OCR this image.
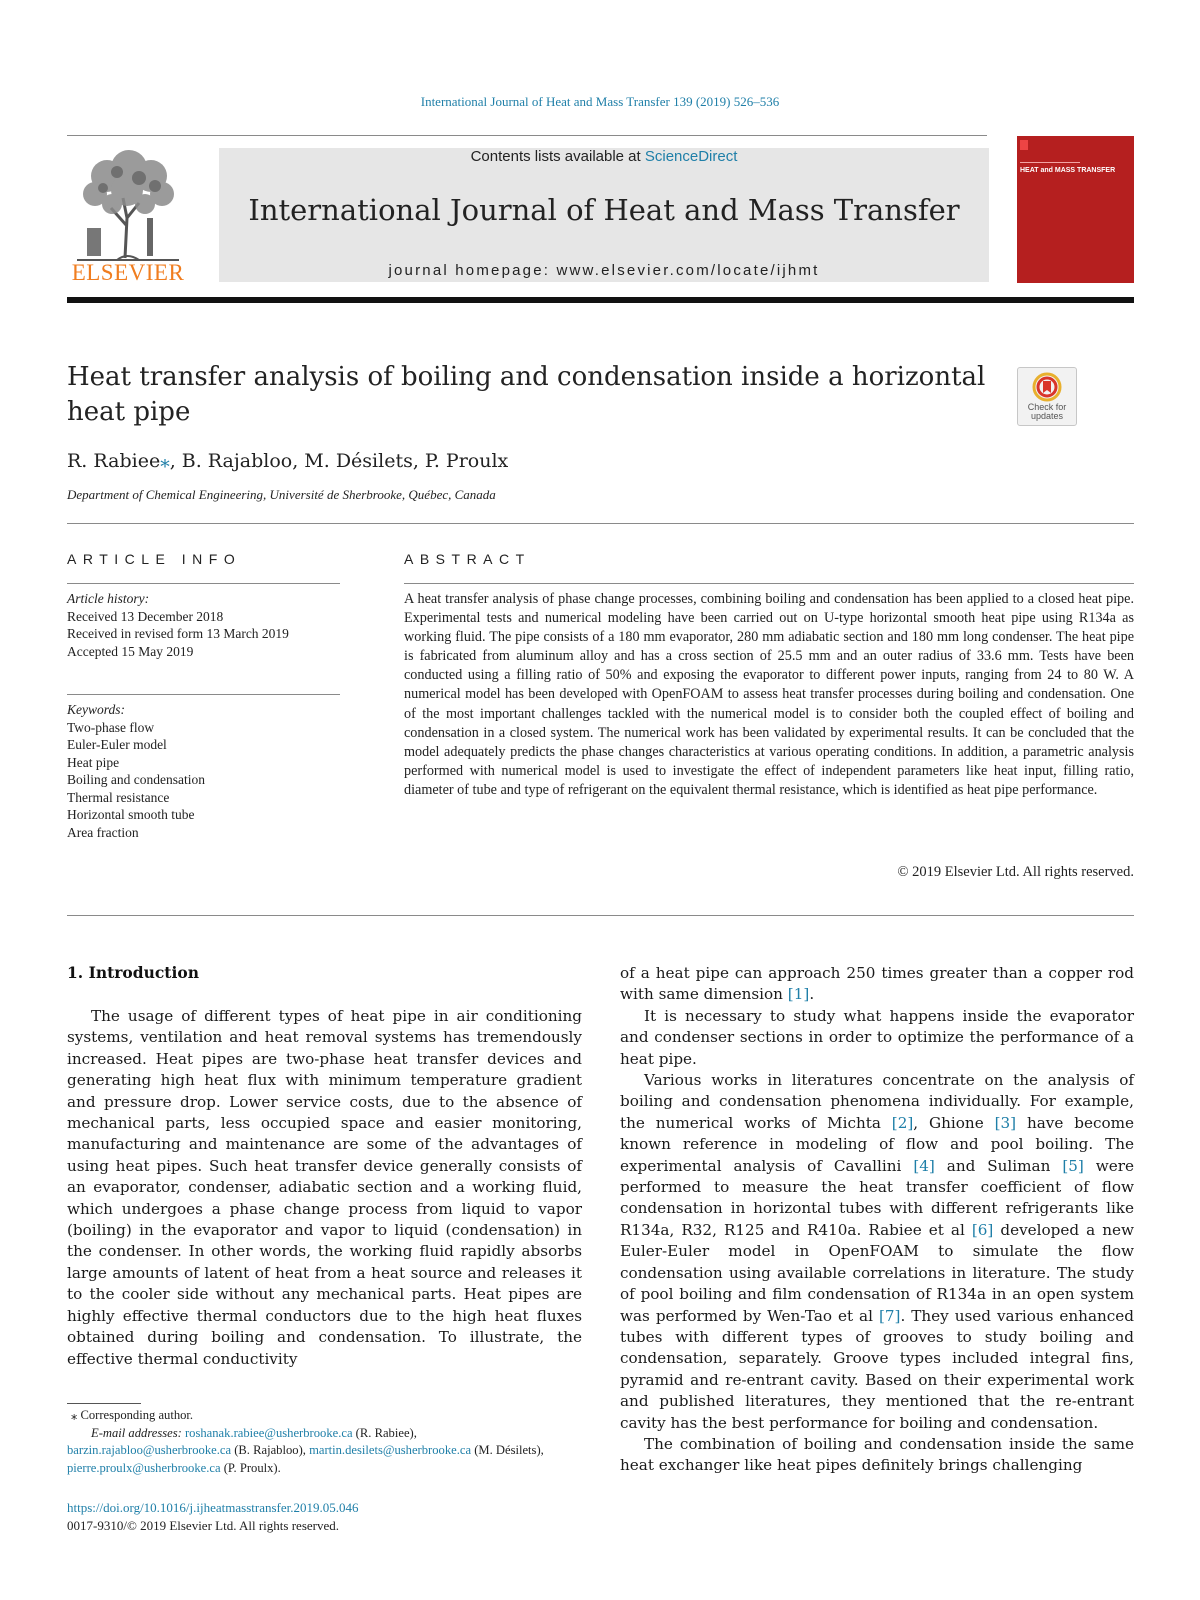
International Journal of Heat and Mass Transfer 139 (2019) 526–536
ELSEVIER
Contents lists available at ScienceDirect
International Journal of Heat and Mass Transfer
journal homepage: www.elsevier.com/locate/ijhmt
HEAT and MASS TRANSFER
Heat transfer analysis of boiling and condensation inside a horizontal heat pipe	Check for updates
R. Rabiee⁎, B. Rajabloo, M. Désilets, P. Proulx
Department of Chemical Engineering, Université de Sherbrooke, Québec, Canada
ARTICLE INFO	ABSTRACT
Article history:
Received 13 December 2018
Received in revised form 13 March 2019
Accepted 15 May 2019
Keywords:
Two-phase flow
Euler-Euler model
Heat pipe
Boiling and condensation
Thermal resistance
Horizontal smooth tube
Area fraction
A heat transfer analysis of phase change processes, combining boiling and condensation has been applied to a closed heat pipe. Experimental tests and numerical modeling have been carried out on U-type horizontal smooth heat pipe using R134a as working fluid. The pipe consists of a 180 mm evaporator, 280 mm adiabatic section and 180 mm long condenser. The heat pipe is fabricated from aluminum alloy and has a cross section of 25.5 mm and an outer radius of 33.6 mm. Tests have been conducted using a filling ratio of 50% and exposing the evaporator to different power inputs, ranging from 24 to 80 W. A numerical model has been developed with OpenFOAM to assess heat transfer processes during boiling and condensation. One of the most important challenges tackled with the numerical model is to consider both the coupled effect of boiling and condensation in a closed system. The numerical work has been validated by experimental results. It can be concluded that the model adequately predicts the phase changes characteristics at various operating conditions. In addition, a parametric analysis performed with numerical model is used to investigate the effect of independent parameters like heat input, filling ratio, diameter of tube and type of refrigerant on the equivalent thermal resistance, which is identified as heat pipe performance.
© 2019 Elsevier Ltd. All rights reserved.
1. Introduction

The usage of different types of heat pipe in air conditioning systems, ventilation and heat removal systems has tremendously increased. Heat pipes are two-phase heat transfer devices and generating high heat flux with minimum temperature gradient and pressure drop. Lower service costs, due to the absence of mechanical parts, less occupied space and easier monitoring, manufacturing and maintenance are some of the advantages of using heat pipes. Such heat transfer device generally consists of an evaporator, condenser, adiabatic section and a working fluid, which undergoes a phase change process from liquid to vapor (boiling) in the evaporator and vapor to liquid (condensation) in the condenser. In other words, the working fluid rapidly absorbs large amounts of latent of heat from a heat source and releases it to the cooler side without any mechanical parts. Heat pipes are highly effective thermal conductors due to the high heat fluxes obtained during boiling and condensation. To illustrate, the effective thermal conductivity

of a heat pipe can approach 250 times greater than a copper rod with same dimension [1].

It is necessary to study what happens inside the evaporator and condenser sections in order to optimize the performance of a heat pipe.

Various works in literatures concentrate on the analysis of boiling and condensation phenomena individually. For example, the numerical works of Michta [2], Ghione [3] have become known reference in modeling of flow and pool boiling. The experimental analysis of Cavallini [4] and Suliman [5] were performed to measure the heat transfer coefficient of flow condensation in horizontal tubes with different refrigerants like R134a, R32, R125 and R410a. Rabiee et al [6] developed a new Euler-Euler model in OpenFOAM to simulate the flow condensation using available correlations in literature. The study of pool boiling and film condensation of R134a in an open system was performed by Wen-Tao et al [7]. They used various enhanced tubes with different types of grooves to study boiling and condensation, separately. Groove types included integral fins, pyramid and re-entrant cavity. Based on their experimental work and published literatures, they mentioned that the re-entrant cavity has the best performance for boiling and condensation.

The combination of boiling and condensation inside the same heat exchanger like heat pipes definitely brings challenging

⁎ Corresponding author.
E-mail addresses: roshanak.rabiee@usherbrooke.ca (R. Rabiee), barzin.rajabloo@usherbrooke.ca (B. Rajabloo), martin.desilets@usherbrooke.ca (M. Désilets), pierre.proulx@usherbrooke.ca (P. Proulx).
https://doi.org/10.1016/j.ijheatmasstransfer.2019.05.046
0017-9310/© 2019 Elsevier Ltd. All rights reserved.
